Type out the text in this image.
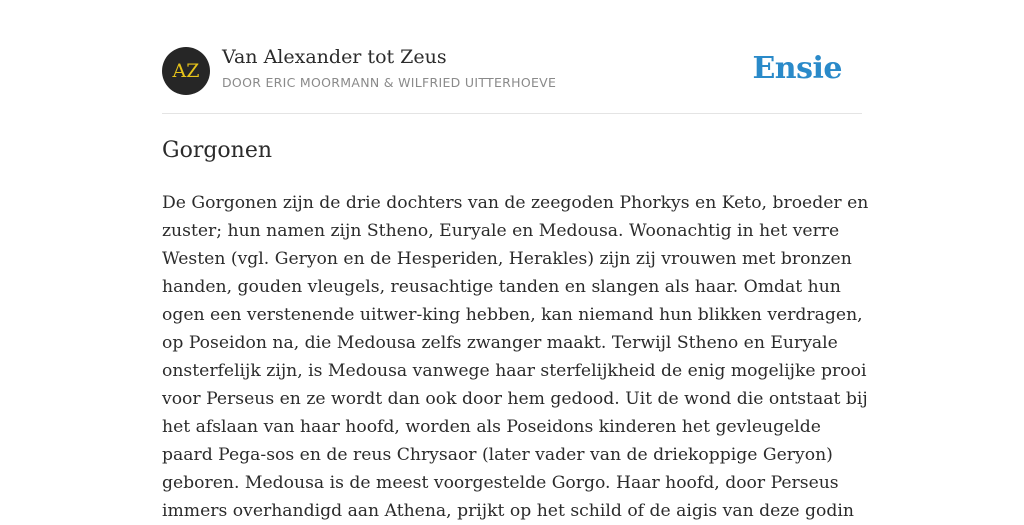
AZ
Van Alexander tot Zeus
DOOR ERIC MOORMANN & WILFRIED UITTERHOEVE	Ensie
Gorgonen

De Gorgonen zijn de drie dochters van de zeegoden Phorkys en Keto, broeder en
zuster; hun namen zijn Stheno, Euryale en Medousa. Woonachtig in het verre
Westen (vgl. Geryon en de Hesperiden, Herakles) zijn zij vrouwen met bronzen
handen, gouden vleugels, reusachtige tanden en slangen als haar. Omdat hun
ogen een verstenende uitwer-king hebben, kan niemand hun blikken verdragen,
op Poseidon na, die Medousa zelfs zwanger maakt. Terwijl Stheno en Euryale
onsterfelijk zijn, is Medousa vanwege haar sterfelijkheid de enig mogelijke prooi
voor Perseus en ze wordt dan ook door hem gedood. Uit de wond die ontstaat bij
het afslaan van haar hoofd, worden als Poseidons kinderen het gevleugelde
paard Pega-sos en de reus Chrysaor (later vader van de driekoppige Geryon)
geboren. Medousa is de meest voorgestelde Gorgo. Haar hoofd, door Perseus
immers overhandigd aan Athena, prijkt op het schild of de aigis van deze godin
